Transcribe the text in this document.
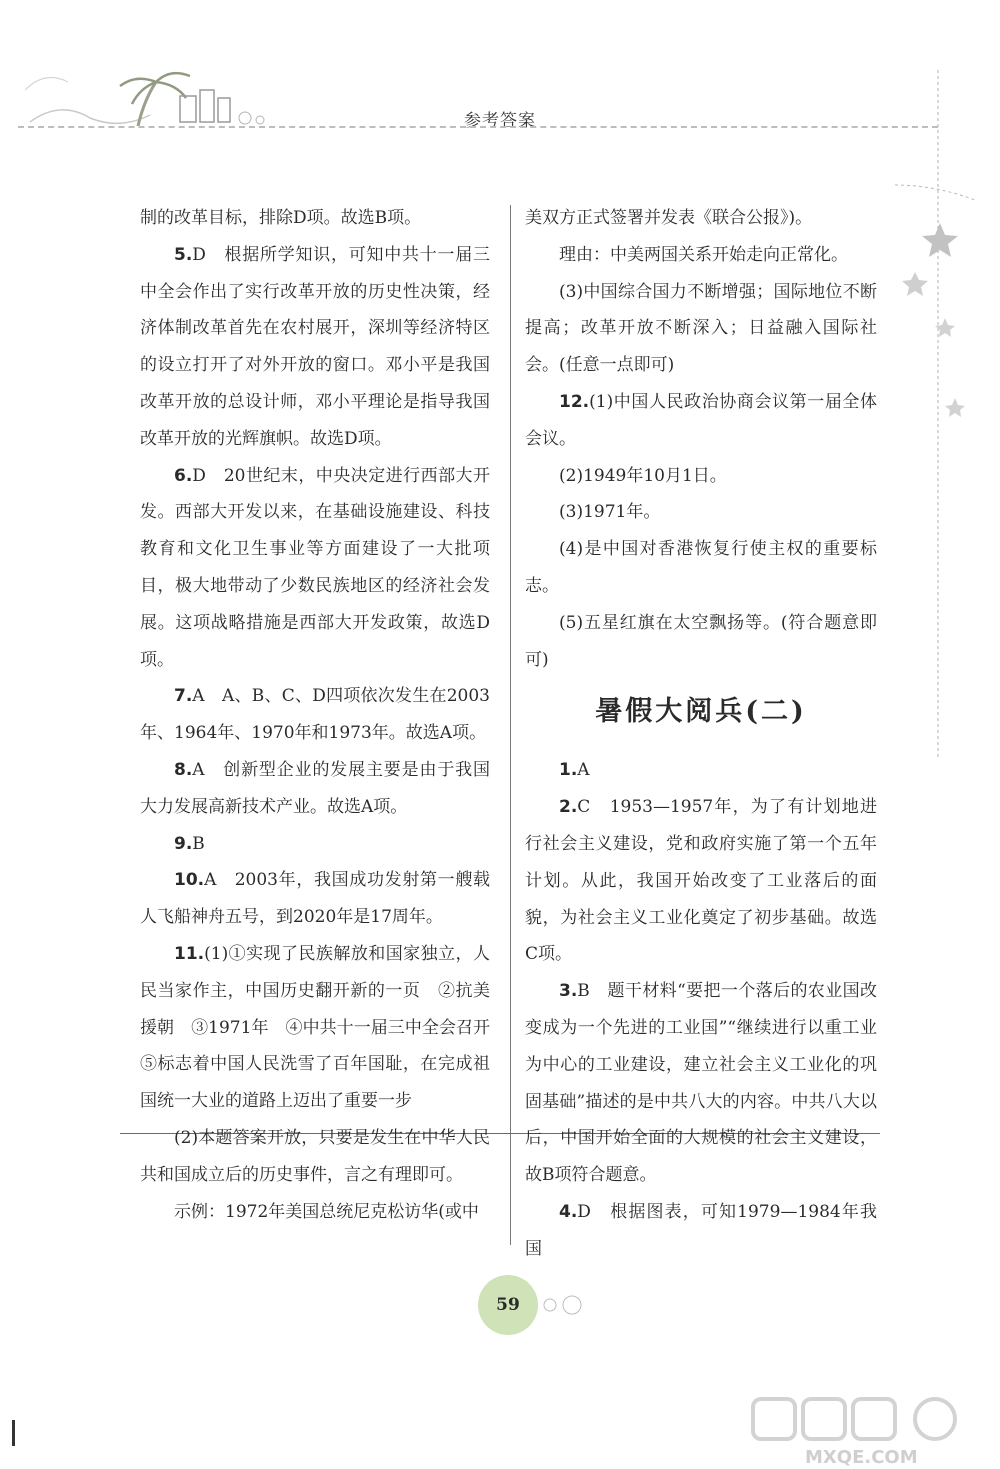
参考答案

制的改革目标，排除D项。故选B项。

5.D　根据所学知识，可知中共十一届三中全会作出了实行改革开放的历史性决策，经济体制改革首先在农村展开，深圳等经济特区的设立打开了对外开放的窗口。邓小平是我国改革开放的总设计师，邓小平理论是指导我国改革开放的光辉旗帜。故选D项。

6.D　20世纪末，中央决定进行西部大开发。西部大开发以来，在基础设施建设、科技教育和文化卫生事业等方面建设了一大批项目，极大地带动了少数民族地区的经济社会发展。这项战略措施是西部大开发政策，故选D项。

7.A　A、B、C、D四项依次发生在2003年、1964年、1970年和1973年。故选A项。

8.A　创新型企业的发展主要是由于我国大力发展高新技术产业。故选A项。

9.B

10.A　2003年，我国成功发射第一艘载人飞船神舟五号，到2020年是17周年。

11.(1)①实现了民族解放和国家独立，人民当家作主，中国历史翻开新的一页　②抗美援朝　③1971年　④中共十一届三中全会召开　⑤标志着中国人民洗雪了百年国耻，在完成祖国统一大业的道路上迈出了重要一步

(2)本题答案开放，只要是发生在中华人民共和国成立后的历史事件，言之有理即可。

示例：1972年美国总统尼克松访华(或中

美双方正式签署并发表《联合公报》)。

理由：中美两国关系开始走向正常化。

(3)中国综合国力不断增强；国际地位不断提高；改革开放不断深入；日益融入国际社会。(任意一点即可)

12.(1)中国人民政治协商会议第一届全体会议。

(2)1949年10月1日。

(3)1971年。

(4)是中国对香港恢复行使主权的重要标志。

(5)五星红旗在太空飘扬等。(符合题意即可)

暑假大阅兵(二)

1.A

2.C　1953—1957年，为了有计划地进行社会主义建设，党和政府实施了第一个五年计划。从此，我国开始改变了工业落后的面貌，为社会主义工业化奠定了初步基础。故选C项。

3.B　题干材料“要把一个落后的农业国改变成为一个先进的工业国”“继续进行以重工业为中心的工业建设，建立社会主义工业化的巩固基础”描述的是中共八大的内容。中共八大以后，中国开始全面的大规模的社会主义建设，故B项符合题意。

4.D　根据图表，可知1979—1984年我国

59
MXQE.COM
